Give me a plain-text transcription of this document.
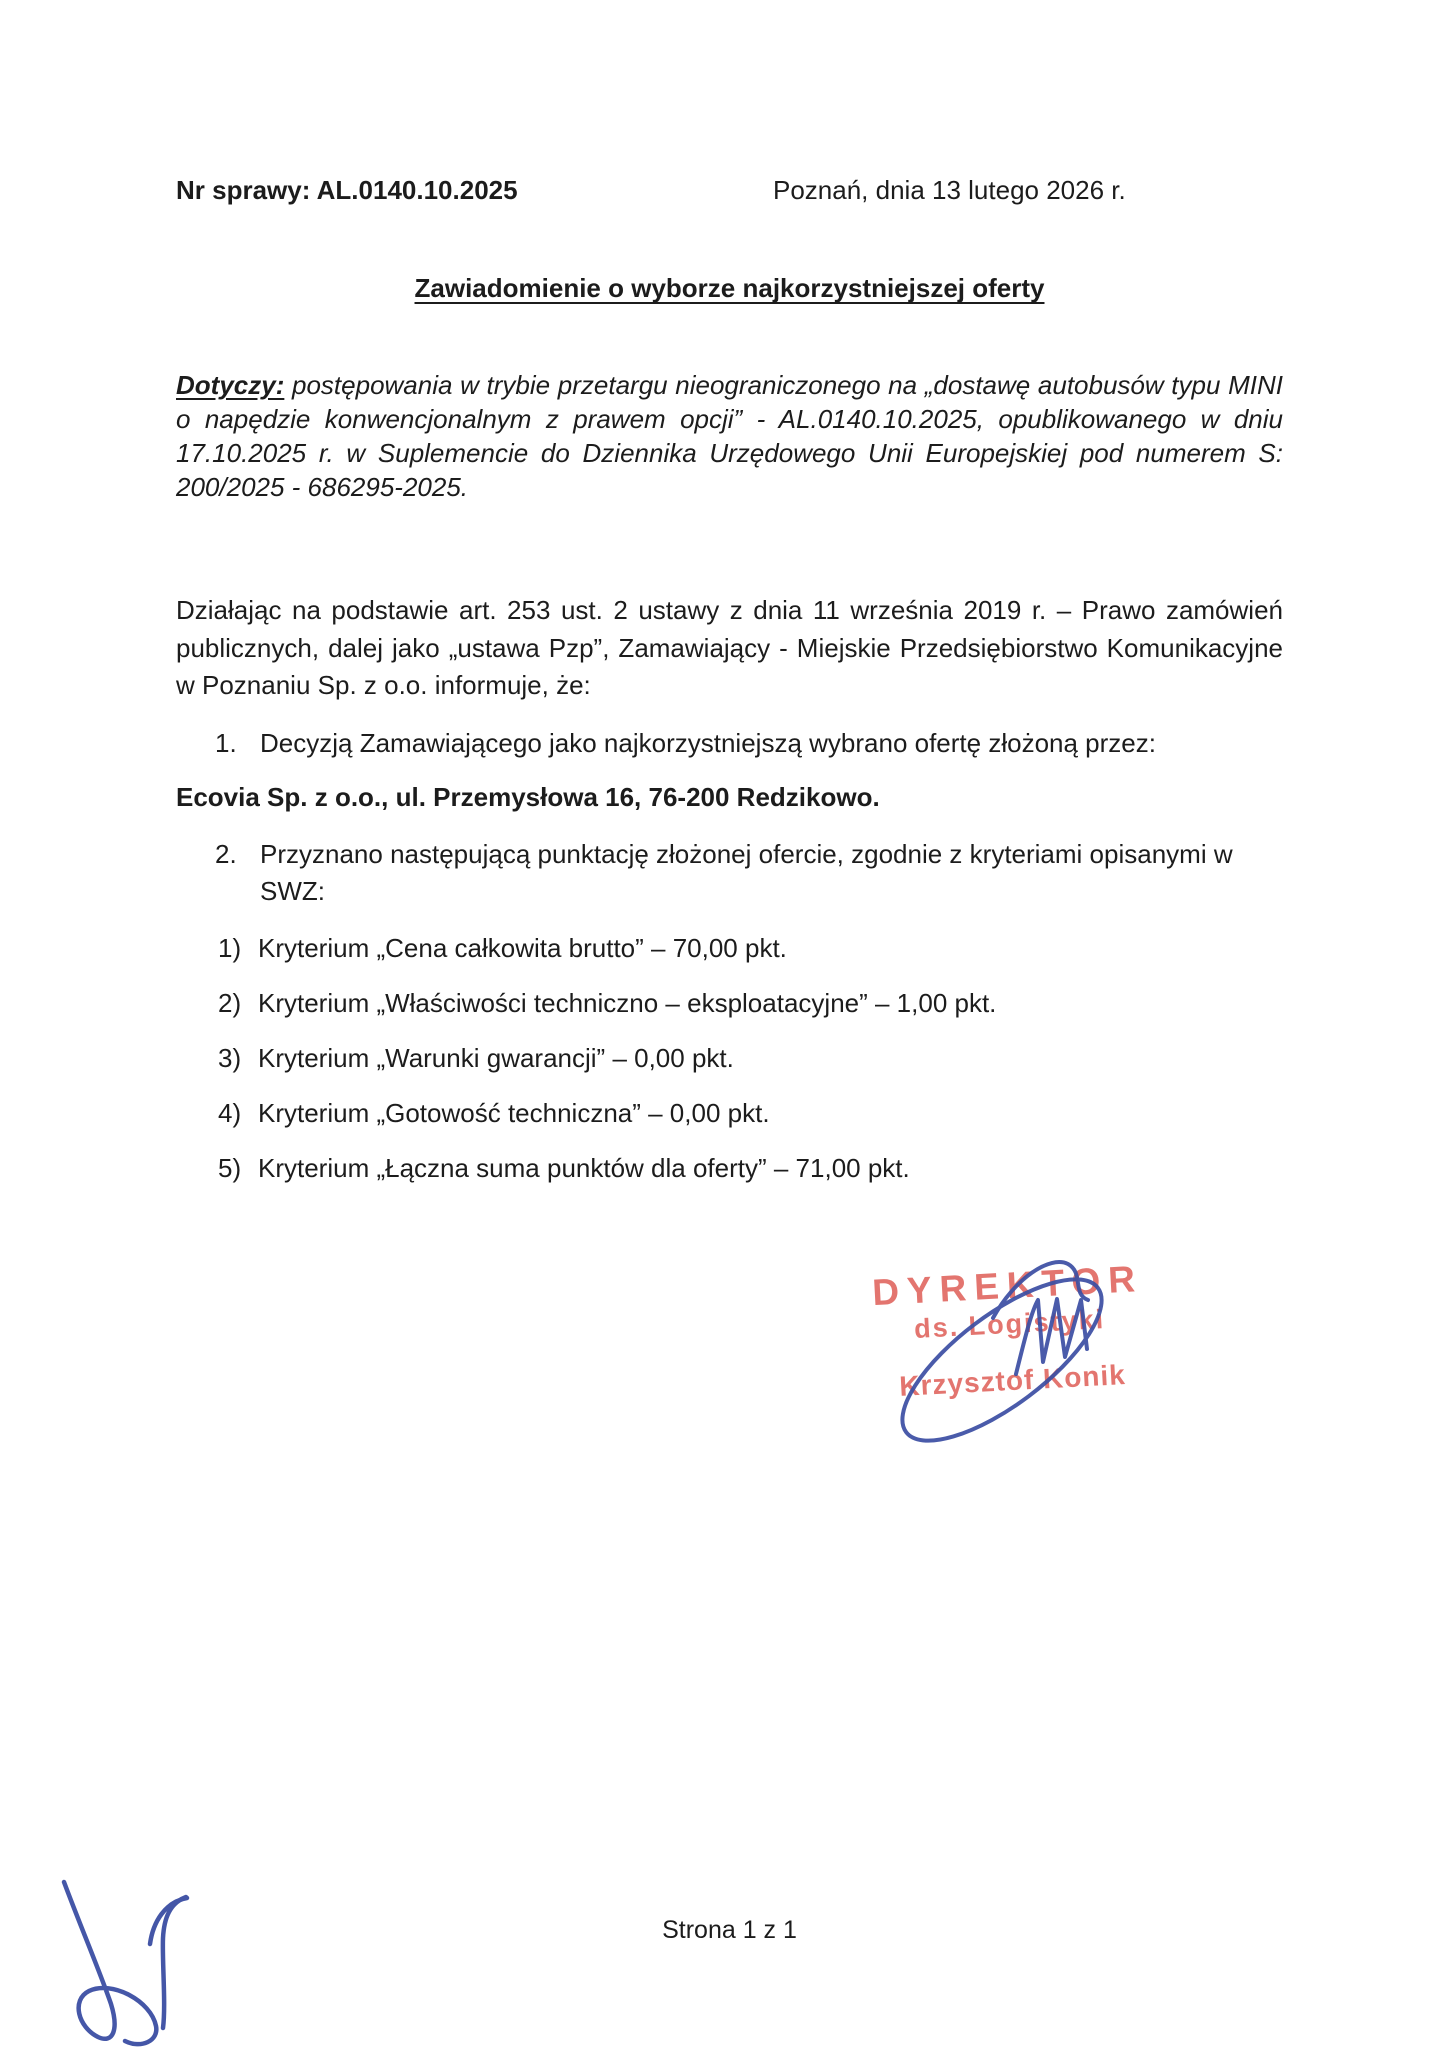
Nr sprawy: AL.0140.10.2025	Poznań, dnia 13 lutego 2026 r.
Zawiadomienie o wyborze najkorzystniejszej oferty
Dotyczy: postępowania w trybie przetargu nieograniczonego na „dostawę autobusów typu MINI o napędzie konwencjonalnym z prawem opcji” - AL.0140.10.2025, opublikowanego w dniu 17.10.2025 r. w Suplemencie do Dziennika Urzędowego Unii Europejskiej pod numerem S: 200/2025 - 686295-2025.
Działając na podstawie art. 253 ust. 2 ustawy z dnia 11 września 2019 r. – Prawo zamówień publicznych, dalej jako „ustawa Pzp”, Zamawiający - Miejskie Przedsiębiorstwo Komunikacyjne w Poznaniu Sp. z o.o. informuje, że:
1. Decyzją Zamawiającego jako najkorzystniejszą wybrano ofertę złożoną przez:
Ecovia Sp. z o.o., ul. Przemysłowa 16, 76-200 Redzikowo.
2. Przyznano następującą punktację złożonej ofercie, zgodnie z kryteriami opisanymi w SWZ:
1) Kryterium „Cena całkowita brutto” – 70,00 pkt.
2) Kryterium „Właściwości techniczno – eksploatacyjne” – 1,00 pkt.
3) Kryterium „Warunki gwarancji” – 0,00 pkt.
4) Kryterium „Gotowość techniczna” – 0,00 pkt.
5) Kryterium „Łączna suma punktów dla oferty” – 71,00 pkt.
DYREKTOR
ds. Logistyki
Krzysztof Konik
Strona 1 z 1
